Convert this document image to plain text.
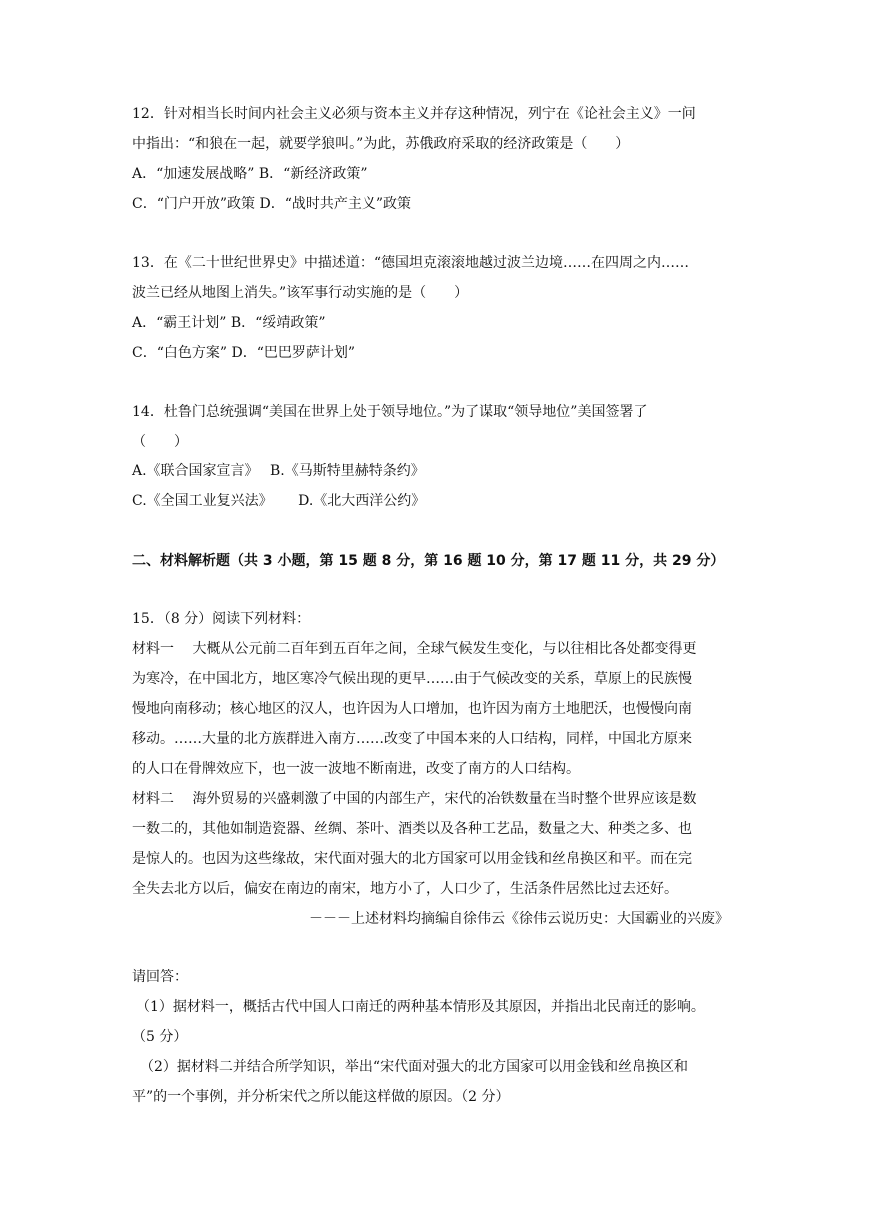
12．针对相当长时间内社会主义必须与资本主义并存这种情况，列宁在《论社会主义》一问
中指出：“和狼在一起，就要学狼叫。”为此，苏俄政府采取的经济政策是（　　）
A．“加速发展战略” B．“新经济政策”
C．“门户开放”政策 D．“战时共产主义”政策
13．在《二十世纪世界史》中描述道：“德国坦克滚滚地越过波兰边境……在四周之内……
波兰已经从地图上消失。”该军事行动实施的是（　　）
A．“霸王计划” B．“绥靖政策”
C．“白色方案” D．“巴巴罗萨计划”
14．杜鲁门总统强调“美国在世界上处于领导地位。”为了谋取“领导地位”美国签署了
（　　）
A.《联合国家宣言》　 B.《马斯特里赫特条约》
C.《全国工业复兴法》　　 D.《北大西洋公约》
二、材料解析题（共 3 小题，第 15 题 8 分，第 16 题 10 分，第 17 题 11 分，共 29 分）
15．（8 分）阅读下列材料：
材料一　 大概从公元前二百年到五百年之间，全球气候发生变化，与以往相比各处都变得更
为寒冷，在中国北方，地区寒冷气候出现的更早……由于气候改变的关系，草原上的民族慢
慢地向南移动；核心地区的汉人，也许因为人口增加，也许因为南方土地肥沃，也慢慢向南
移动。……大量的北方族群进入南方……改变了中国本来的人口结构，同样，中国北方原来
的人口在骨牌效应下，也一波一波地不断南进，改变了南方的人口结构。
材料二　 海外贸易的兴盛刺激了中国的内部生产，宋代的冶铁数量在当时整个世界应该是数
一数二的，其他如制造瓷器、丝绸、茶叶、酒类以及各种工艺品，数量之大、种类之多、也
是惊人的。也因为这些缘故，宋代面对强大的北方国家可以用金钱和丝帛换区和平。而在完
全失去北方以后，偏安在南边的南宋，地方小了，人口少了，生活条件居然比过去还好。
－－－上述材料均摘编自徐伟云《徐伟云说历史：大国霸业的兴废》
请回答：
（1）据材料一，概括古代中国人口南迁的两种基本情形及其原因，并指出北民南迁的影响。
（5 分）
（2）据材料二并结合所学知识，举出“宋代面对强大的北方国家可以用金钱和丝帛换区和
平”的一个事例，并分析宋代之所以能这样做的原因。（2 分）
